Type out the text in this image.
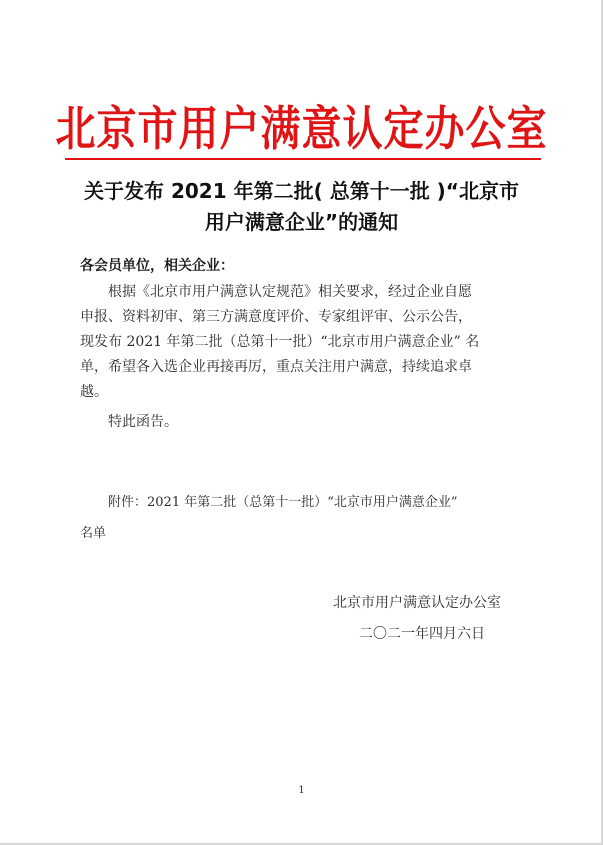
北京市用户满意认定办公室
关于发布 2021 年第二批( 总第十一批 )“北京市
用户满意企业”的通知
各会员单位，相关企业：
根据《北京市用户满意认定规范》相关要求，经过企业自愿
申报、资料初审、第三方满意度评价、专家组评审、公示公告，
现发布 2021 年第二批（总第十一批）“北京市用户满意企业” 名
单，希望各入选企业再接再厉，重点关注用户满意，持续追求卓
越。
特此函告。
附件：2021 年第二批（总第十一批）“北京市用户满意企业”
名单
北京市用户满意认定办公室
二〇二一年四月六日
1
